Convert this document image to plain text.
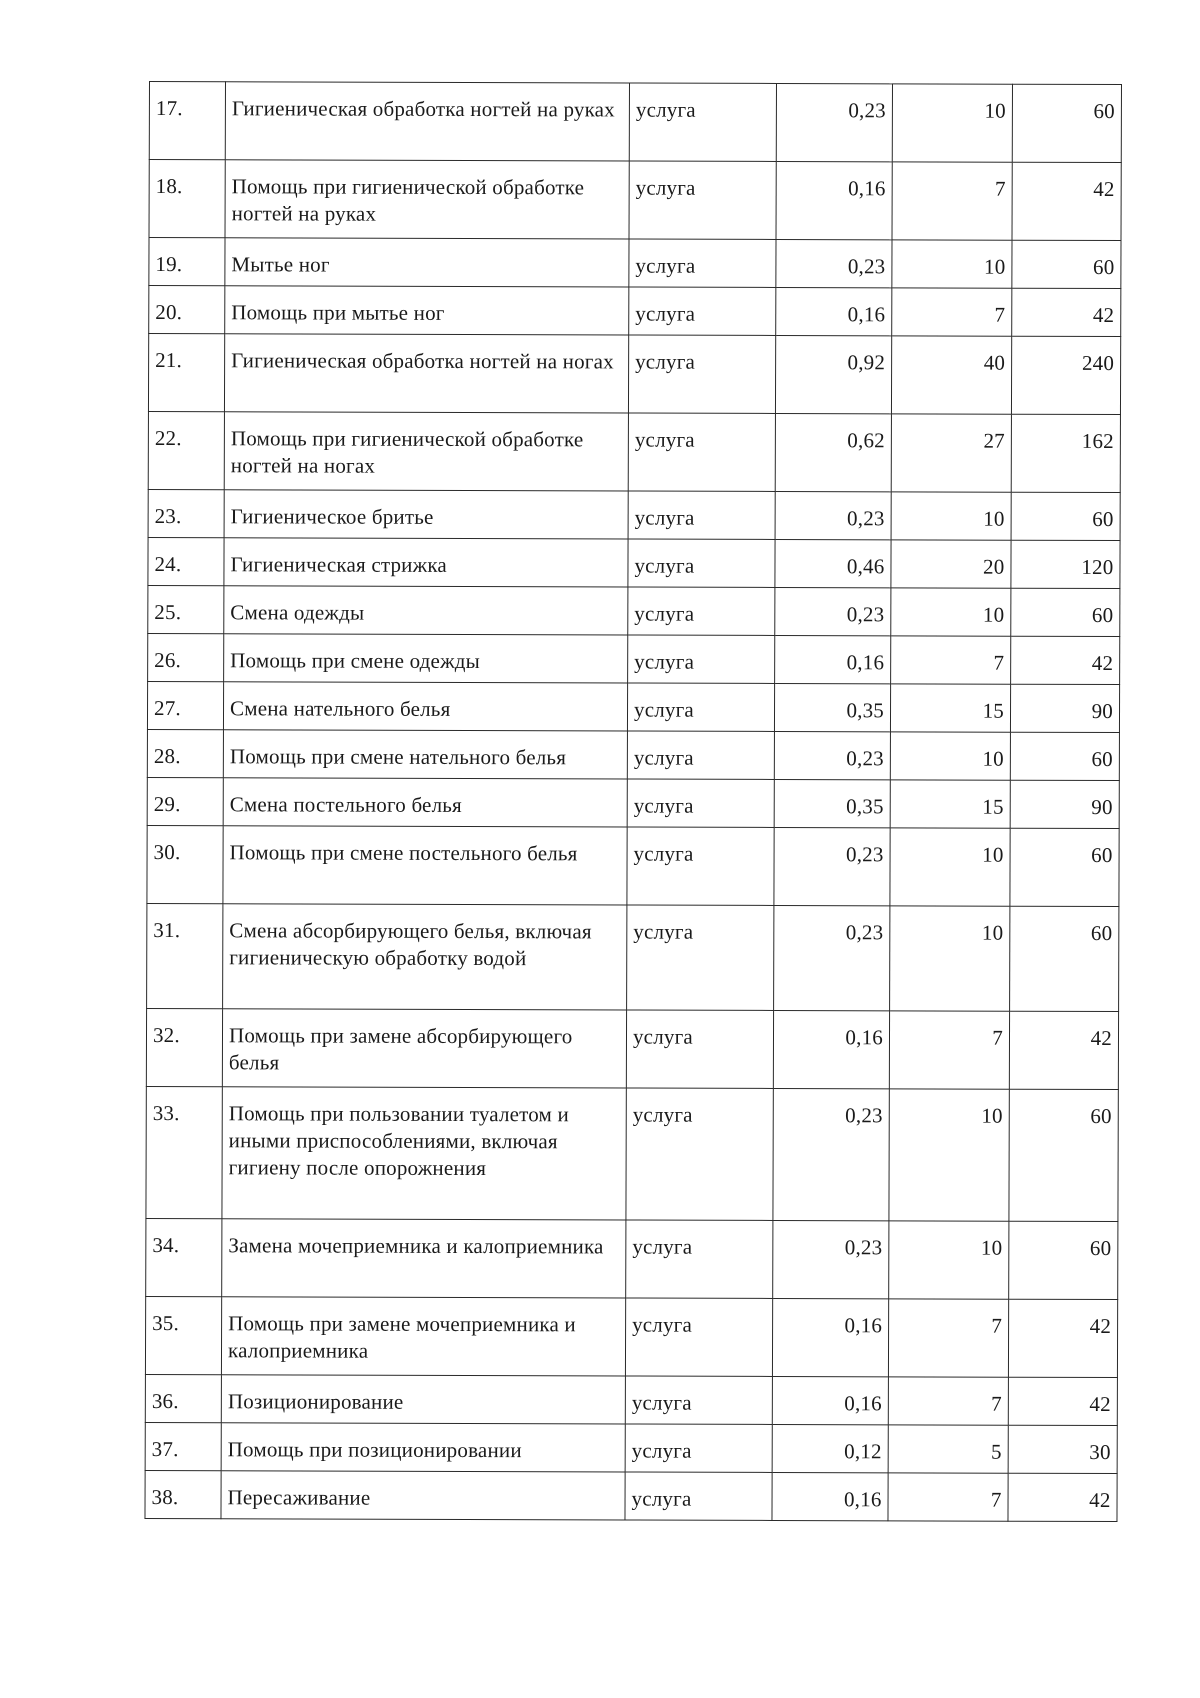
17.	Гигиеническая обработка ногтей на руках	услуга	0,23	10	60
18.	Помощь при гигиенической обработке ногтей на руках	услуга	0,16	7	42
19.	Мытье ног	услуга	0,23	10	60
20.	Помощь при мытье ног	услуга	0,16	7	42
21.	Гигиеническая обработка ногтей на ногах	услуга	0,92	40	240
22.	Помощь при гигиенической обработке ногтей на ногах	услуга	0,62	27	162
23.	Гигиеническое бритье	услуга	0,23	10	60
24.	Гигиеническая стрижка	услуга	0,46	20	120
25.	Смена одежды	услуга	0,23	10	60
26.	Помощь при смене одежды	услуга	0,16	7	42
27.	Смена нательного белья	услуга	0,35	15	90
28.	Помощь при смене нательного белья	услуга	0,23	10	60
29.	Смена постельного белья	услуга	0,35	15	90
30.	Помощь при смене постельного белья	услуга	0,23	10	60
31.	Смена абсорбирующего белья, включая гигиеническую обработку водой	услуга	0,23	10	60
32.	Помощь при замене абсорбирующего белья	услуга	0,16	7	42
33.	Помощь при пользовании туалетом и иными приспособлениями, включая гигиену после опорожнения	услуга	0,23	10	60
34.	Замена мочеприемника и калоприемника	услуга	0,23	10	60
35.	Помощь при замене мочеприемника и калоприемника	услуга	0,16	7	42
36.	Позиционирование	услуга	0,16	7	42
37.	Помощь при позиционировании	услуга	0,12	5	30
38.	Пересаживание	услуга	0,16	7	42
